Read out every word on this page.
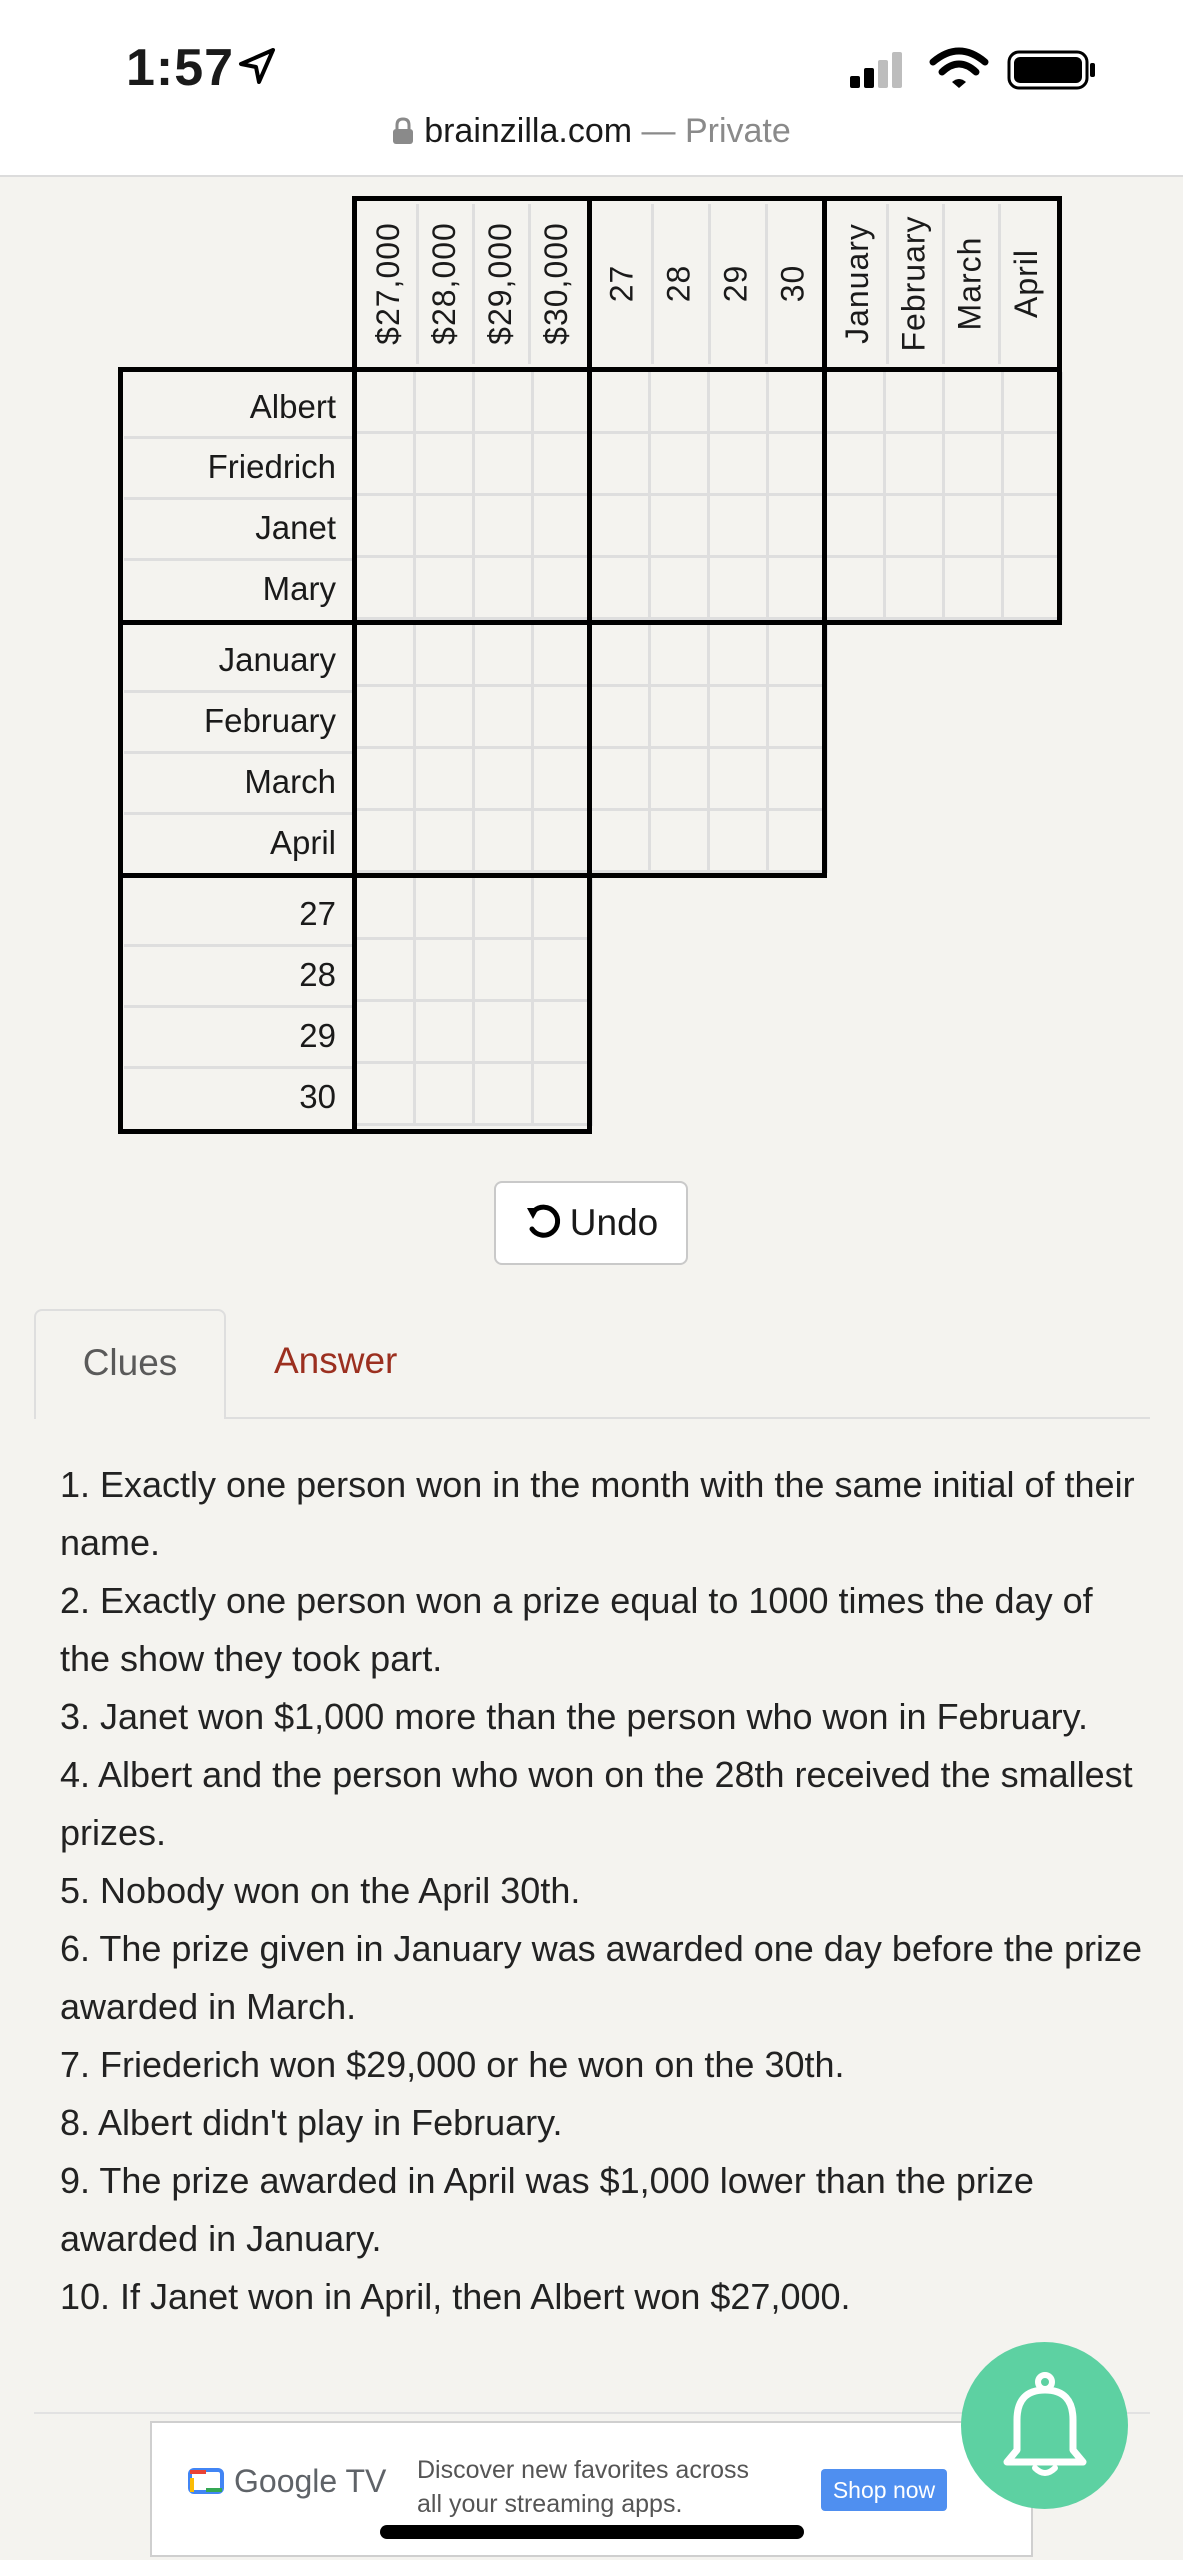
1:57
brainzilla.com — Private
$27,000 $28,000 $29,000 $30,000 27 28 29 30 January February March April
Albert
Friedrich
Janet
Mary
January
February
March
April
27
28
29
30
Undo
Clues	Answer

1. Exactly one person won in the month with the same initial of their name.

2. Exactly one person won a prize equal to 1000 times the day of the show they took part.

3. Janet won $1,000 more than the person who won in February.

4. Albert and the person who won on the 28th received the smallest prizes.

5. Nobody won on the April 30th.

6. The prize given in January was awarded one day before the prize awarded in March.

7. Friederich won $29,000 or he won on the 30th.

8. Albert didn't play in February.

9. The prize awarded in April was $1,000 lower than the prize awarded in January.

10. If Janet won in April, then Albert won $27,000.

Google TV Discover new favorites across all your streaming apps.	Shop now
